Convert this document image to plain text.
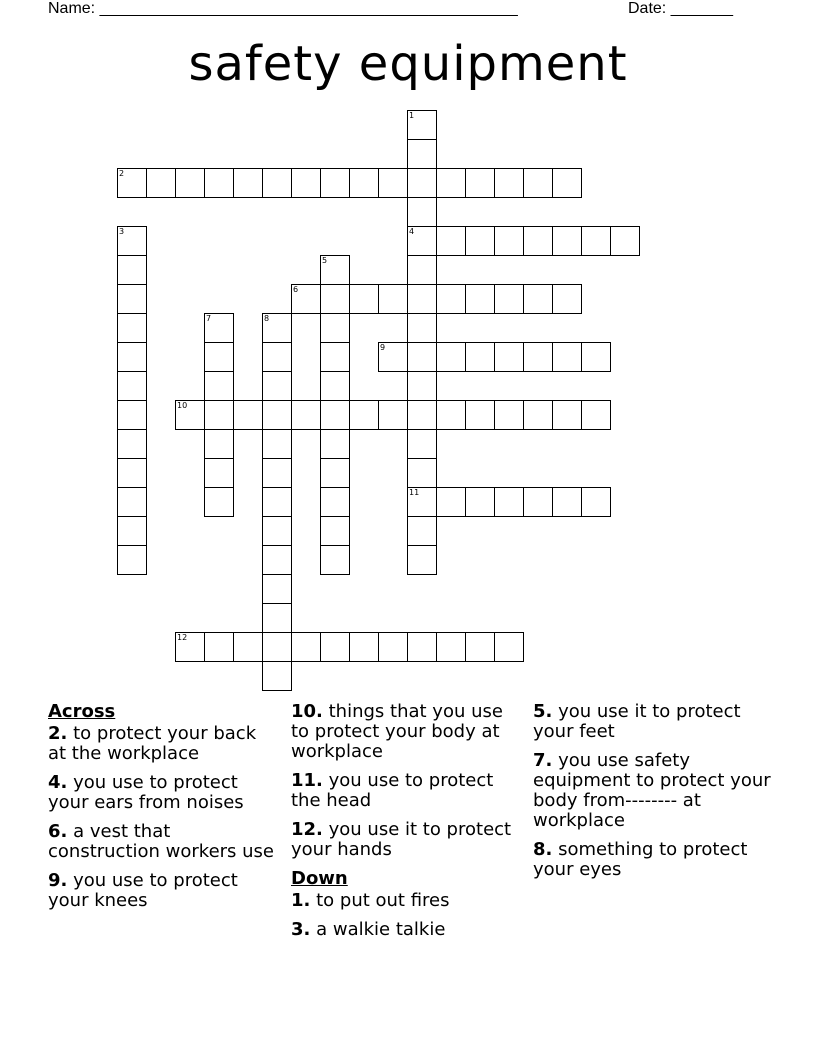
Name: _______________________________________________	Date: _______
safety equipment
1
4
11
2
3
5
6
7	8
9
10
12
Across
2. to protect your back at the workplace
4. you use to protect your ears from noises
6. a vest that construction workers use
9. you use to protect your knees
10. things that you use to protect your body at workplace
11. you use to protect the head
12. you use it to protect your hands
Down
1. to put out fires
3. a walkie talkie
5. you use it to protect your feet
7. you use safety equipment to protect your body from-------- at workplace
8. something to protect your eyes
